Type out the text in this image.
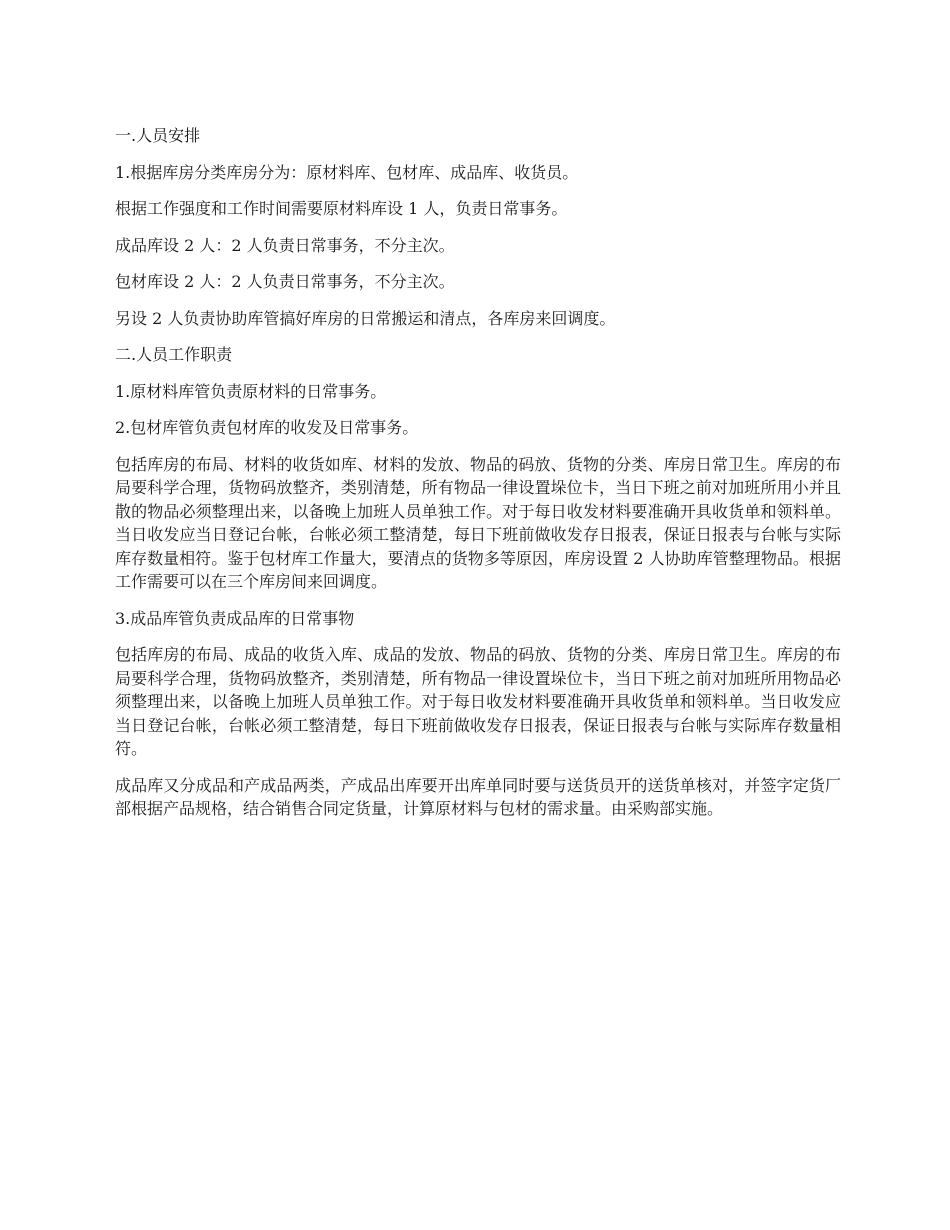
一.人员安排

1.根据库房分类库房分为：原材料库、包材库、成品库、收货员。

根据工作强度和工作时间需要原材料库设 1 人，负责日常事务。

成品库设 2 人：2 人负责日常事务，不分主次。

包材库设 2 人：2 人负责日常事务，不分主次。

另设 2 人负责协助库管搞好库房的日常搬运和清点，各库房来回调度。

二.人员工作职责

1.原材料库管负责原材料的日常事务。

2.包材库管负责包材库的收发及日常事务。

包括库房的布局、材料的收货如库、材料的发放、物品的码放、货物的分类、库房日常卫生。库房的布局要科学合理，货物码放整齐，类别清楚，所有物品一律设置垛位卡，当日下班之前对加班所用小并且散的物品必须整理出来，以备晚上加班人员单独工作。对于每日收发材料要准确开具收货单和领料单。当日收发应当日登记台帐，台帐必须工整清楚，每日下班前做收发存日报表，保证日报表与台帐与实际库存数量相符。鉴于包材库工作量大，要清点的货物多等原因，库房设置 2 人协助库管整理物品。根据工作需要可以在三个库房间来回调度。

3.成品库管负责成品库的日常事物

包括库房的布局、成品的收货入库、成品的发放、物品的码放、货物的分类、库房日常卫生。库房的布局要科学合理，货物码放整齐，类别清楚，所有物品一律设置垛位卡，当日下班之前对加班所用物品必须整理出来，以备晚上加班人员单独工作。对于每日收发材料要准确开具收货单和领料单。当日收发应当日登记台帐，台帐必须工整清楚，每日下班前做收发存日报表，保证日报表与台帐与实际库存数量相符。

成品库又分成品和产成品两类，产成品出库要开出库单同时要与送货员开的送货单核对，并签字定货厂部根据产品规格，结合销售合同定货量，计算原材料与包材的需求量。由采购部实施。
